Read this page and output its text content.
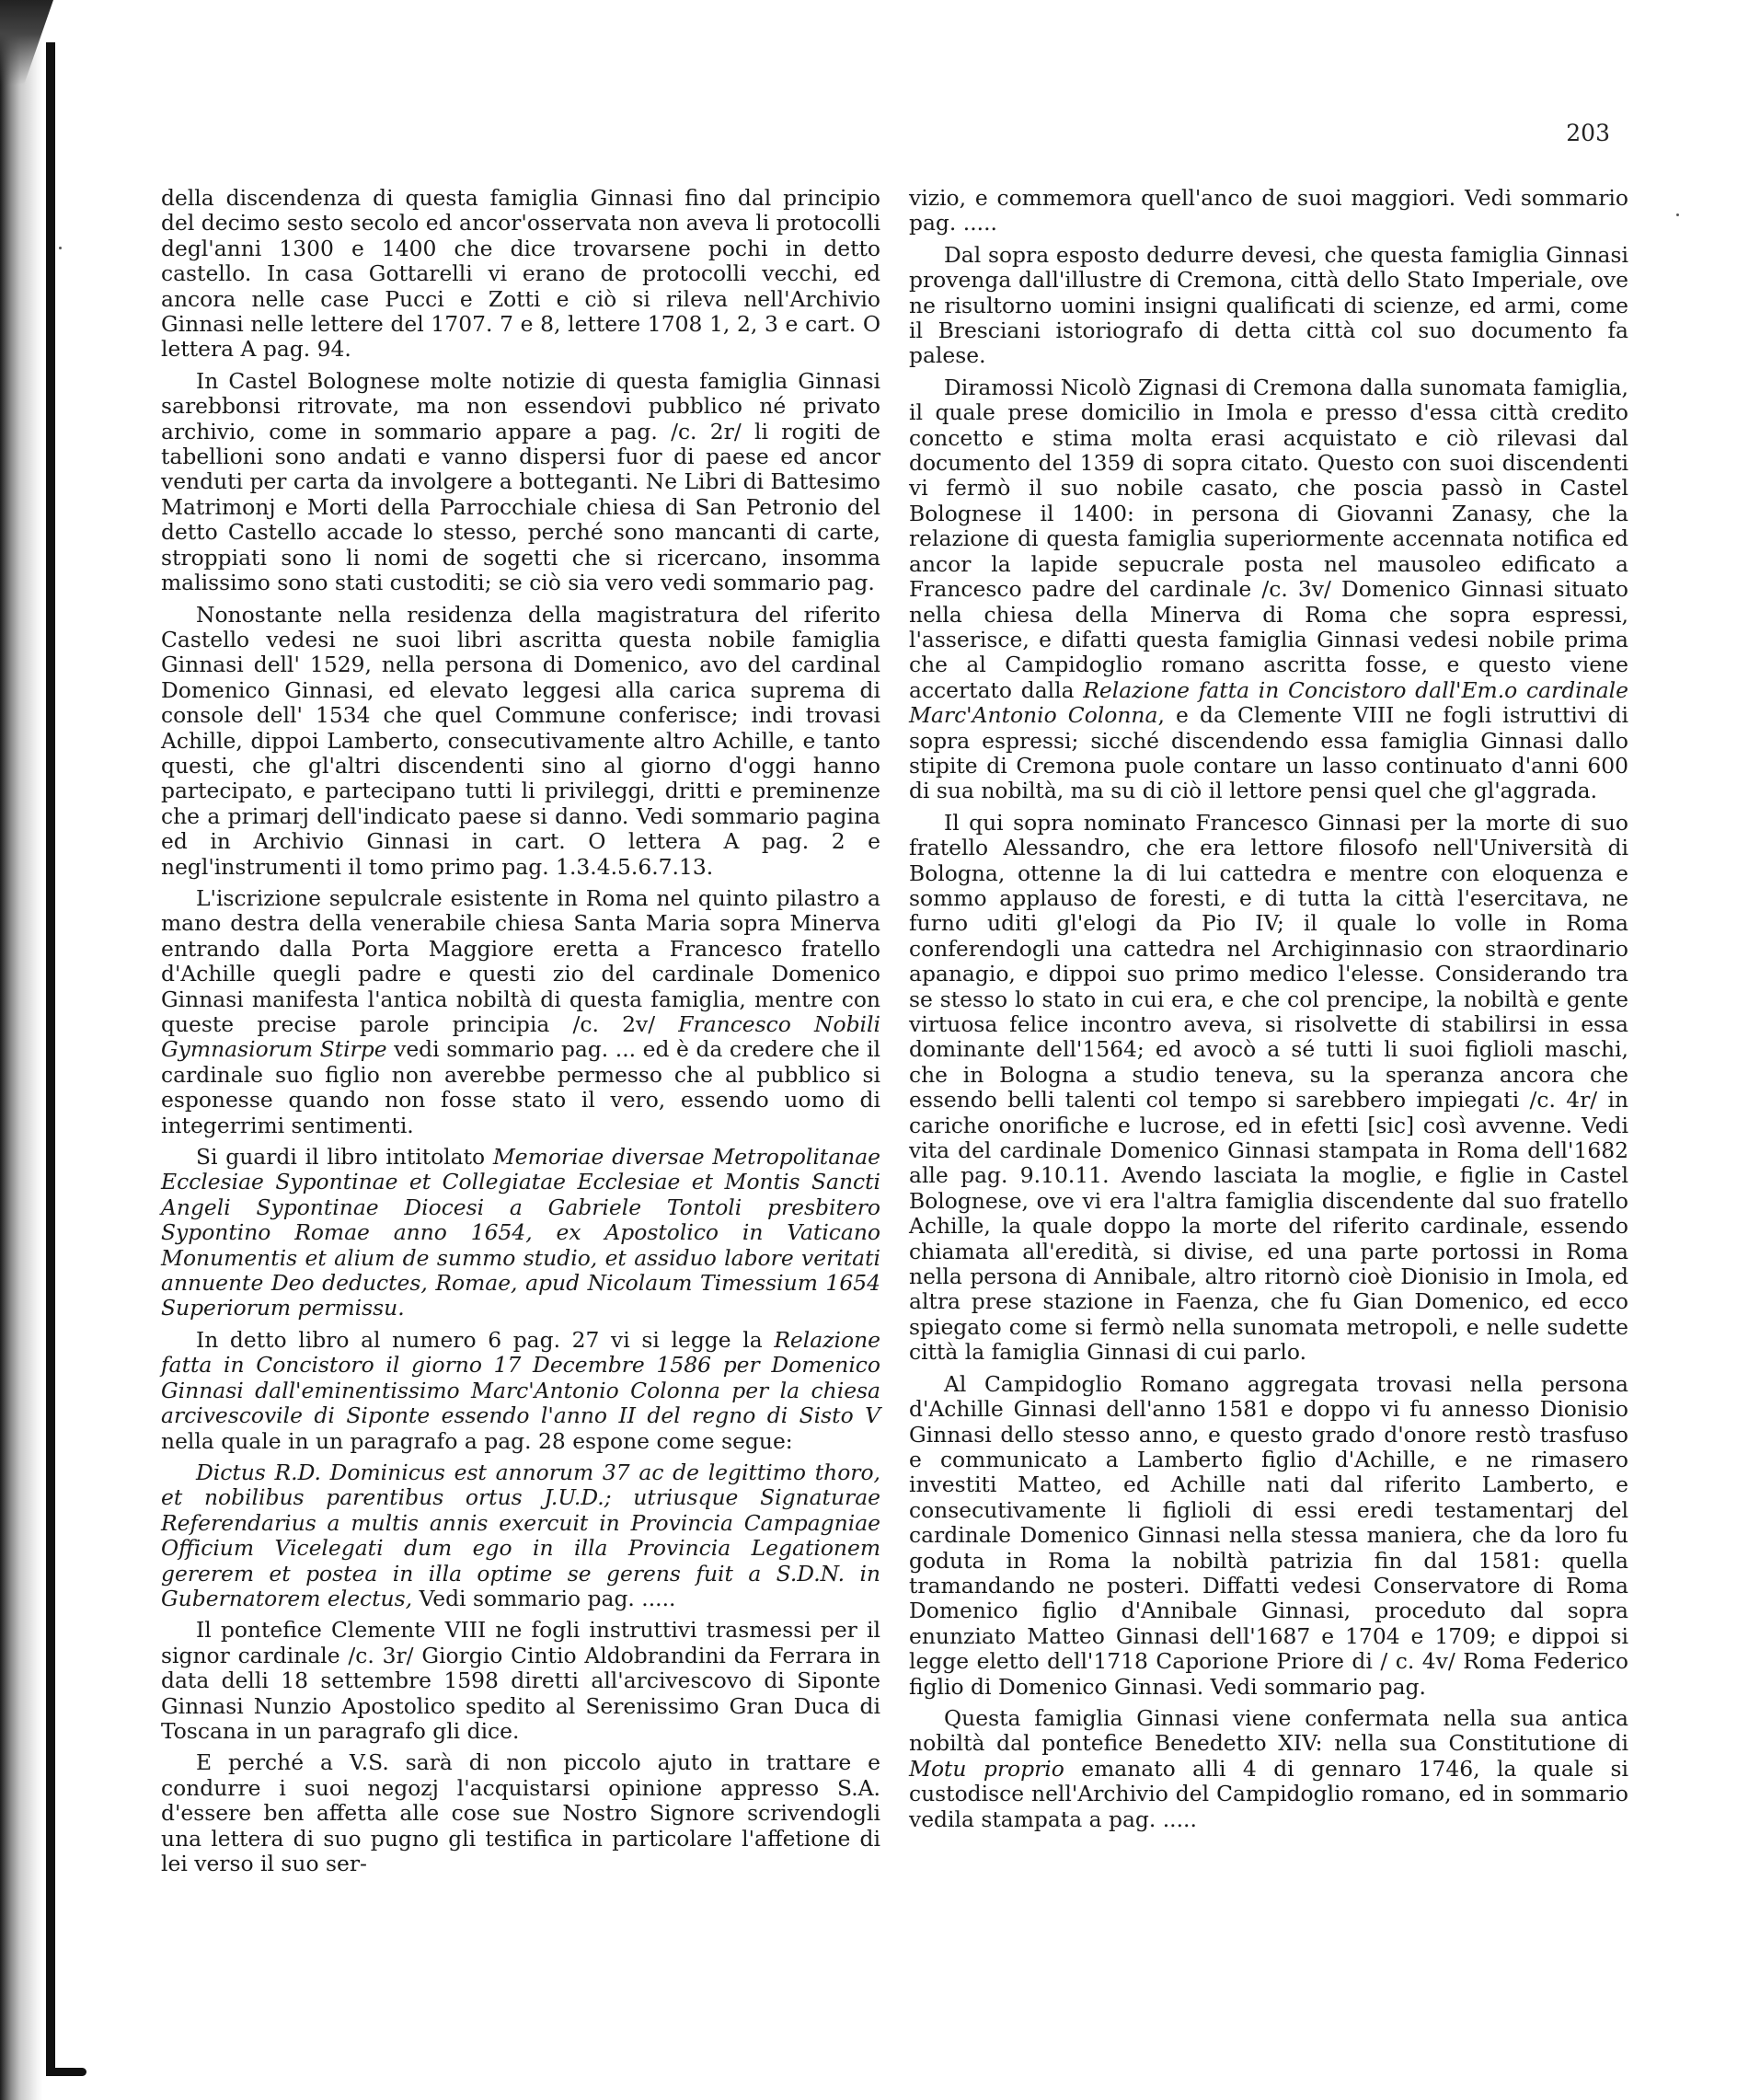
203

della discendenza di questa famiglia Ginnasi fino dal principio del decimo sesto secolo ed ancor'osservata non aveva li protocolli degl'anni 1300 e 1400 che dice trovarsene pochi in detto castello. In casa Gottarelli vi erano de protocolli vecchi, ed ancora nelle case Pucci e Zotti e ciò si rileva nell'Archivio Ginnasi nelle lettere del 1707. 7 e 8, lettere 1708 1, 2, 3 e cart. O lettera A pag. 94.

In Castel Bolognese molte notizie di questa famiglia Ginnasi sarebbonsi ritrovate, ma non essendovi pubblico né privato archivio, come in sommario appare a pag. /c. 2r/ li rogiti de tabellioni sono andati e vanno dispersi fuor di paese ed ancor venduti per carta da involgere a botteganti. Ne Libri di Battesimo Matrimonj e Morti della Parrocchiale chiesa di San Petronio del detto Castello accade lo stesso, perché sono mancanti di carte, stroppiati sono li nomi de sogetti che si ricercano, insomma malissimo sono stati custoditi; se ciò sia vero vedi sommario pag.

Nonostante nella residenza della magistratura del riferito Castello vedesi ne suoi libri ascritta questa nobile famiglia Ginnasi dell' 1529, nella persona di Domenico, avo del cardinal Domenico Ginnasi, ed elevato leggesi alla carica suprema di console dell' 1534 che quel Commune conferisce; indi trovasi Achille, dippoi Lamberto, consecutivamente altro Achille, e tanto questi, che gl'altri discendenti sino al giorno d'oggi hanno partecipato, e partecipano tutti li privileggi, dritti e preminenze che a primarj dell'indicato paese si danno. Vedi sommario pagina ed in Archivio Ginnasi in cart. O lettera A pag. 2 e negl'instrumenti il tomo primo pag. 1.3.4.5.6.7.13.

L'iscrizione sepulcrale esistente in Roma nel quinto pilastro a mano destra della venerabile chiesa Santa Maria sopra Minerva entrando dalla Porta Maggiore eretta a Francesco fratello d'Achille quegli padre e questi zio del cardinale Domenico Ginnasi manifesta l'antica nobiltà di questa famiglia, mentre con queste precise parole principia /c. 2v/ Francesco Nobili Gymnasiorum Stirpe vedi sommario pag. ... ed è da credere che il cardinale suo figlio non averebbe permesso che al pubblico si esponesse quando non fosse stato il vero, essendo uomo di integerrimi sentimenti.

Si guardi il libro intitolato Memoriae diversae Metropolitanae Ecclesiae Sypontinae et Collegiatae Ecclesiae et Montis Sancti Angeli Sypontinae Diocesi a Gabriele Tontoli presbitero Sypontino Romae anno 1654, ex Apostolico in Vaticano Monumentis et alium de summo studio, et assiduo labore veritati annuente Deo deductes, Romae, apud Nicolaum Timessium 1654 Superiorum permissu.

In detto libro al numero 6 pag. 27 vi si legge la Relazione fatta in Concistoro il giorno 17 Decembre 1586 per Domenico Ginnasi dall'eminentissimo Marc'Antonio Colonna per la chiesa arcivescovile di Siponte essendo l'anno II del regno di Sisto V nella quale in un paragrafo a pag. 28 espone come segue:

Dictus R.D. Dominicus est annorum 37 ac de legittimo thoro, et nobilibus parentibus ortus J.U.D.; utriusque Signaturae Referendarius a multis annis exercuit in Provincia Campagniae Officium Vicelegati dum ego in illa Provincia Legationem gererem et postea in illa optime se gerens fuit a S.D.N. in Gubernatorem electus, Vedi sommario pag. .....

Il pontefice Clemente VIII ne fogli instruttivi trasmessi per il signor cardinale /c. 3r/ Giorgio Cintio Aldobrandini da Ferrara in data delli 18 settembre 1598 diretti all'arcivescovo di Siponte Ginnasi Nunzio Apostolico spedito al Serenissimo Gran Duca di Toscana in un paragrafo gli dice.

E perché a V.S. sarà di non piccolo ajuto in trattare e condurre i suoi negozj l'acquistarsi opinione appresso S.A. d'essere ben affetta alle cose sue Nostro Signore scrivendogli una lettera di suo pugno gli testifica in particolare l'affetione di lei verso il suo ser-

vizio, e commemora quell'anco de suoi maggiori. Vedi sommario pag. .....

Dal sopra esposto dedurre devesi, che questa famiglia Ginnasi provenga dall'illustre di Cremona, città dello Stato Imperiale, ove ne risultorno uomini insigni qualificati di scienze, ed armi, come il Bresciani istoriografo di detta città col suo documento fa palese.

Diramossi Nicolò Zignasi di Cremona dalla sunomata famiglia, il quale prese domicilio in Imola e presso d'essa città credito concetto e stima molta erasi acquistato e ciò rilevasi dal documento del 1359 di sopra citato. Questo con suoi discendenti vi fermò il suo nobile casato, che poscia passò in Castel Bolognese il 1400: in persona di Giovanni Zanasy, che la relazione di questa famiglia superiormente accennata notifica ed ancor la lapide sepucrale posta nel mausoleo edificato a Francesco padre del cardinale /c. 3v/ Domenico Ginnasi situato nella chiesa della Minerva di Roma che sopra espressi, l'asserisce, e difatti questa famiglia Ginnasi vedesi nobile prima che al Campidoglio romano ascritta fosse, e questo viene accertato dalla Relazione fatta in Concistoro dall'Em.o cardinale Marc'Antonio Colonna, e da Clemente VIII ne fogli istruttivi di sopra espressi; sicché discendendo essa famiglia Ginnasi dallo stipite di Cremona puole contare un lasso continuato d'anni 600 di sua nobiltà, ma su di ciò il lettore pensi quel che gl'aggrada.

Il qui sopra nominato Francesco Ginnasi per la morte di suo fratello Alessandro, che era lettore filosofo nell'Università di Bologna, ottenne la di lui cattedra e mentre con eloquenza e sommo applauso de foresti, e di tutta la città l'esercitava, ne furno uditi gl'elogi da Pio IV; il quale lo volle in Roma conferendogli una cattedra nel Archiginnasio con straordinario apanagio, e dippoi suo primo medico l'elesse. Considerando tra se stesso lo stato in cui era, e che col prencipe, la nobiltà e gente virtuosa felice incontro aveva, si risolvette di stabilirsi in essa dominante dell'1564; ed avocò a sé tutti li suoi figlioli maschi, che in Bologna a studio teneva, su la speranza ancora che essendo belli talenti col tempo si sarebbero impiegati /c. 4r/ in cariche onorifiche e lucrose, ed in efetti [sic] così avvenne. Vedi vita del cardinale Domenico Ginnasi stampata in Roma dell'1682 alle pag. 9.10.11. Avendo lasciata la moglie, e figlie in Castel Bolognese, ove vi era l'altra famiglia discendente dal suo fratello Achille, la quale doppo la morte del riferito cardinale, essendo chiamata all'eredità, si divise, ed una parte portossi in Roma nella persona di Annibale, altro ritornò cioè Dionisio in Imola, ed altra prese stazione in Faenza, che fu Gian Domenico, ed ecco spiegato come si fermò nella sunomata metropoli, e nelle sudette città la famiglia Ginnasi di cui parlo.

Al Campidoglio Romano aggregata trovasi nella persona d'Achille Ginnasi dell'anno 1581 e doppo vi fu annesso Dionisio Ginnasi dello stesso anno, e questo grado d'onore restò trasfuso e communicato a Lamberto figlio d'Achille, e ne rimasero investiti Matteo, ed Achille nati dal riferito Lamberto, e consecutivamente li figlioli di essi eredi testamentarj del cardinale Domenico Ginnasi nella stessa maniera, che da loro fu goduta in Roma la nobiltà patrizia fin dal 1581: quella tramandando ne posteri. Diffatti vedesi Conservatore di Roma Domenico figlio d'Annibale Ginnasi, proceduto dal sopra enunziato Matteo Ginnasi dell'1687 e 1704 e 1709; e dippoi si legge eletto dell'1718 Caporione Priore di / c. 4v/ Roma Federico figlio di Domenico Ginnasi. Vedi sommario pag.

Questa famiglia Ginnasi viene confermata nella sua antica nobiltà dal pontefice Benedetto XIV: nella sua Constitutione di Motu proprio emanato alli 4 di gennaro 1746, la quale si custodisce nell'Archivio del Campidoglio romano, ed in sommario vedila stampata a pag. .....
